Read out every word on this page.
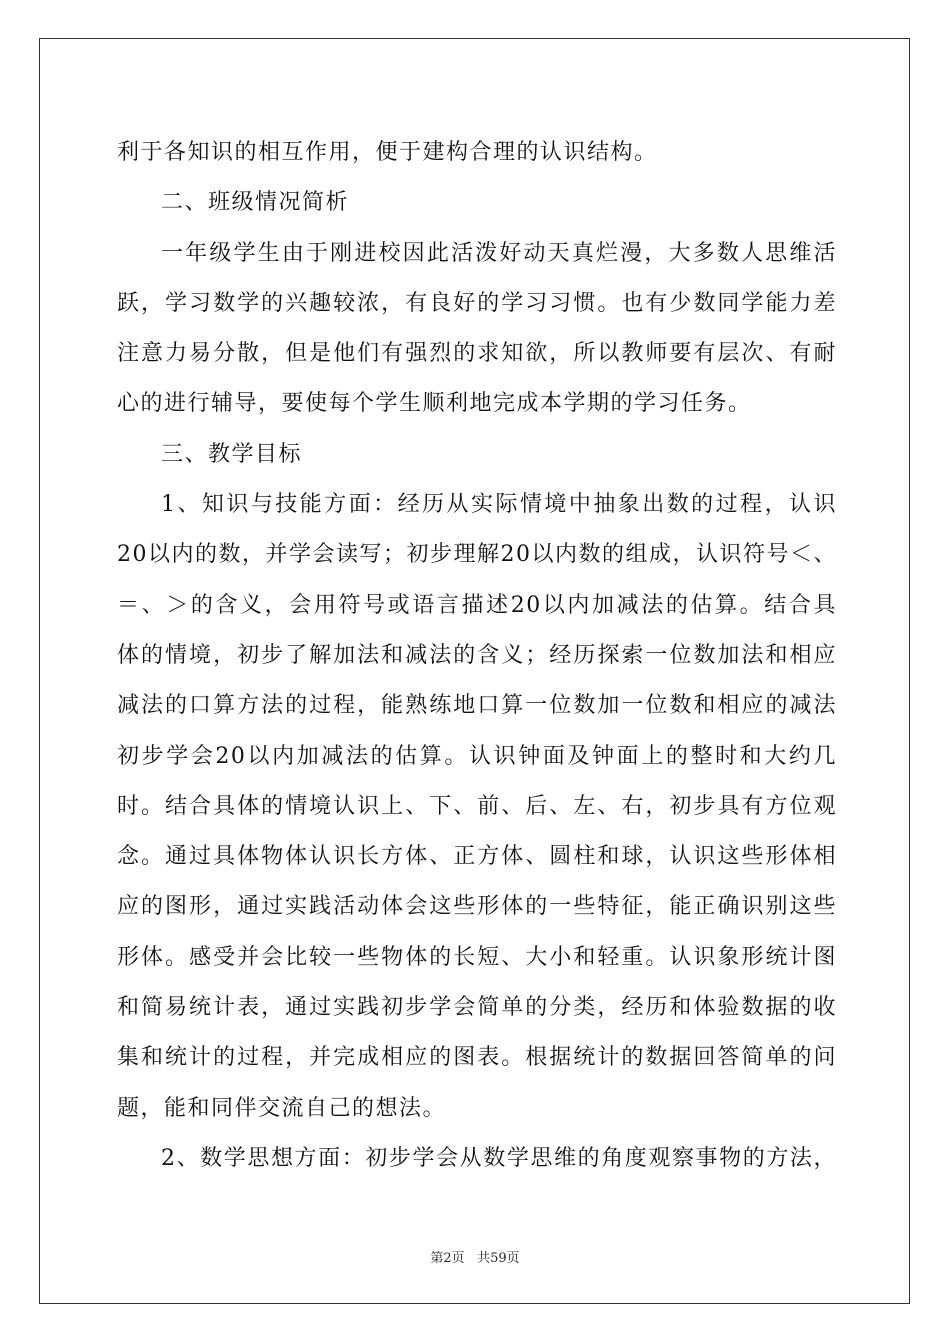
利于各知识的相互作用，便于建构合理的认识结构。
二、班级情况简析
一年级学生由于刚进校因此活泼好动天真烂漫，大多数人思维活
跃，学习数学的兴趣较浓，有良好的学习习惯。也有少数同学能力差
注意力易分散，但是他们有强烈的求知欲，所以教师要有层次、有耐
心的进行辅导，要使每个学生顺利地完成本学期的学习任务。
三、教学目标
1、知识与技能方面：经历从实际情境中抽象出数的过程，认识
20以内的数，并学会读写；初步理解20以内数的组成，认识符号＜、
＝、＞的含义，会用符号或语言描述20以内加减法的估算。结合具
体的情境，初步了解加法和减法的含义；经历探索一位数加法和相应
减法的口算方法的过程，能熟练地口算一位数加一位数和相应的减法
初步学会20以内加减法的估算。认识钟面及钟面上的整时和大约几
时。结合具体的情境认识上、下、前、后、左、右，初步具有方位观
念。通过具体物体认识长方体、正方体、圆柱和球，认识这些形体相
应的图形，通过实践活动体会这些形体的一些特征，能正确识别这些
形体。感受并会比较一些物体的长短、大小和轻重。认识象形统计图
和简易统计表，通过实践初步学会简单的分类，经历和体验数据的收
集和统计的过程，并完成相应的图表。根据统计的数据回答简单的问
题，能和同伴交流自己的想法。
2、数学思想方面：初步学会从数学思维的角度观察事物的方法，
第2页 共59页
